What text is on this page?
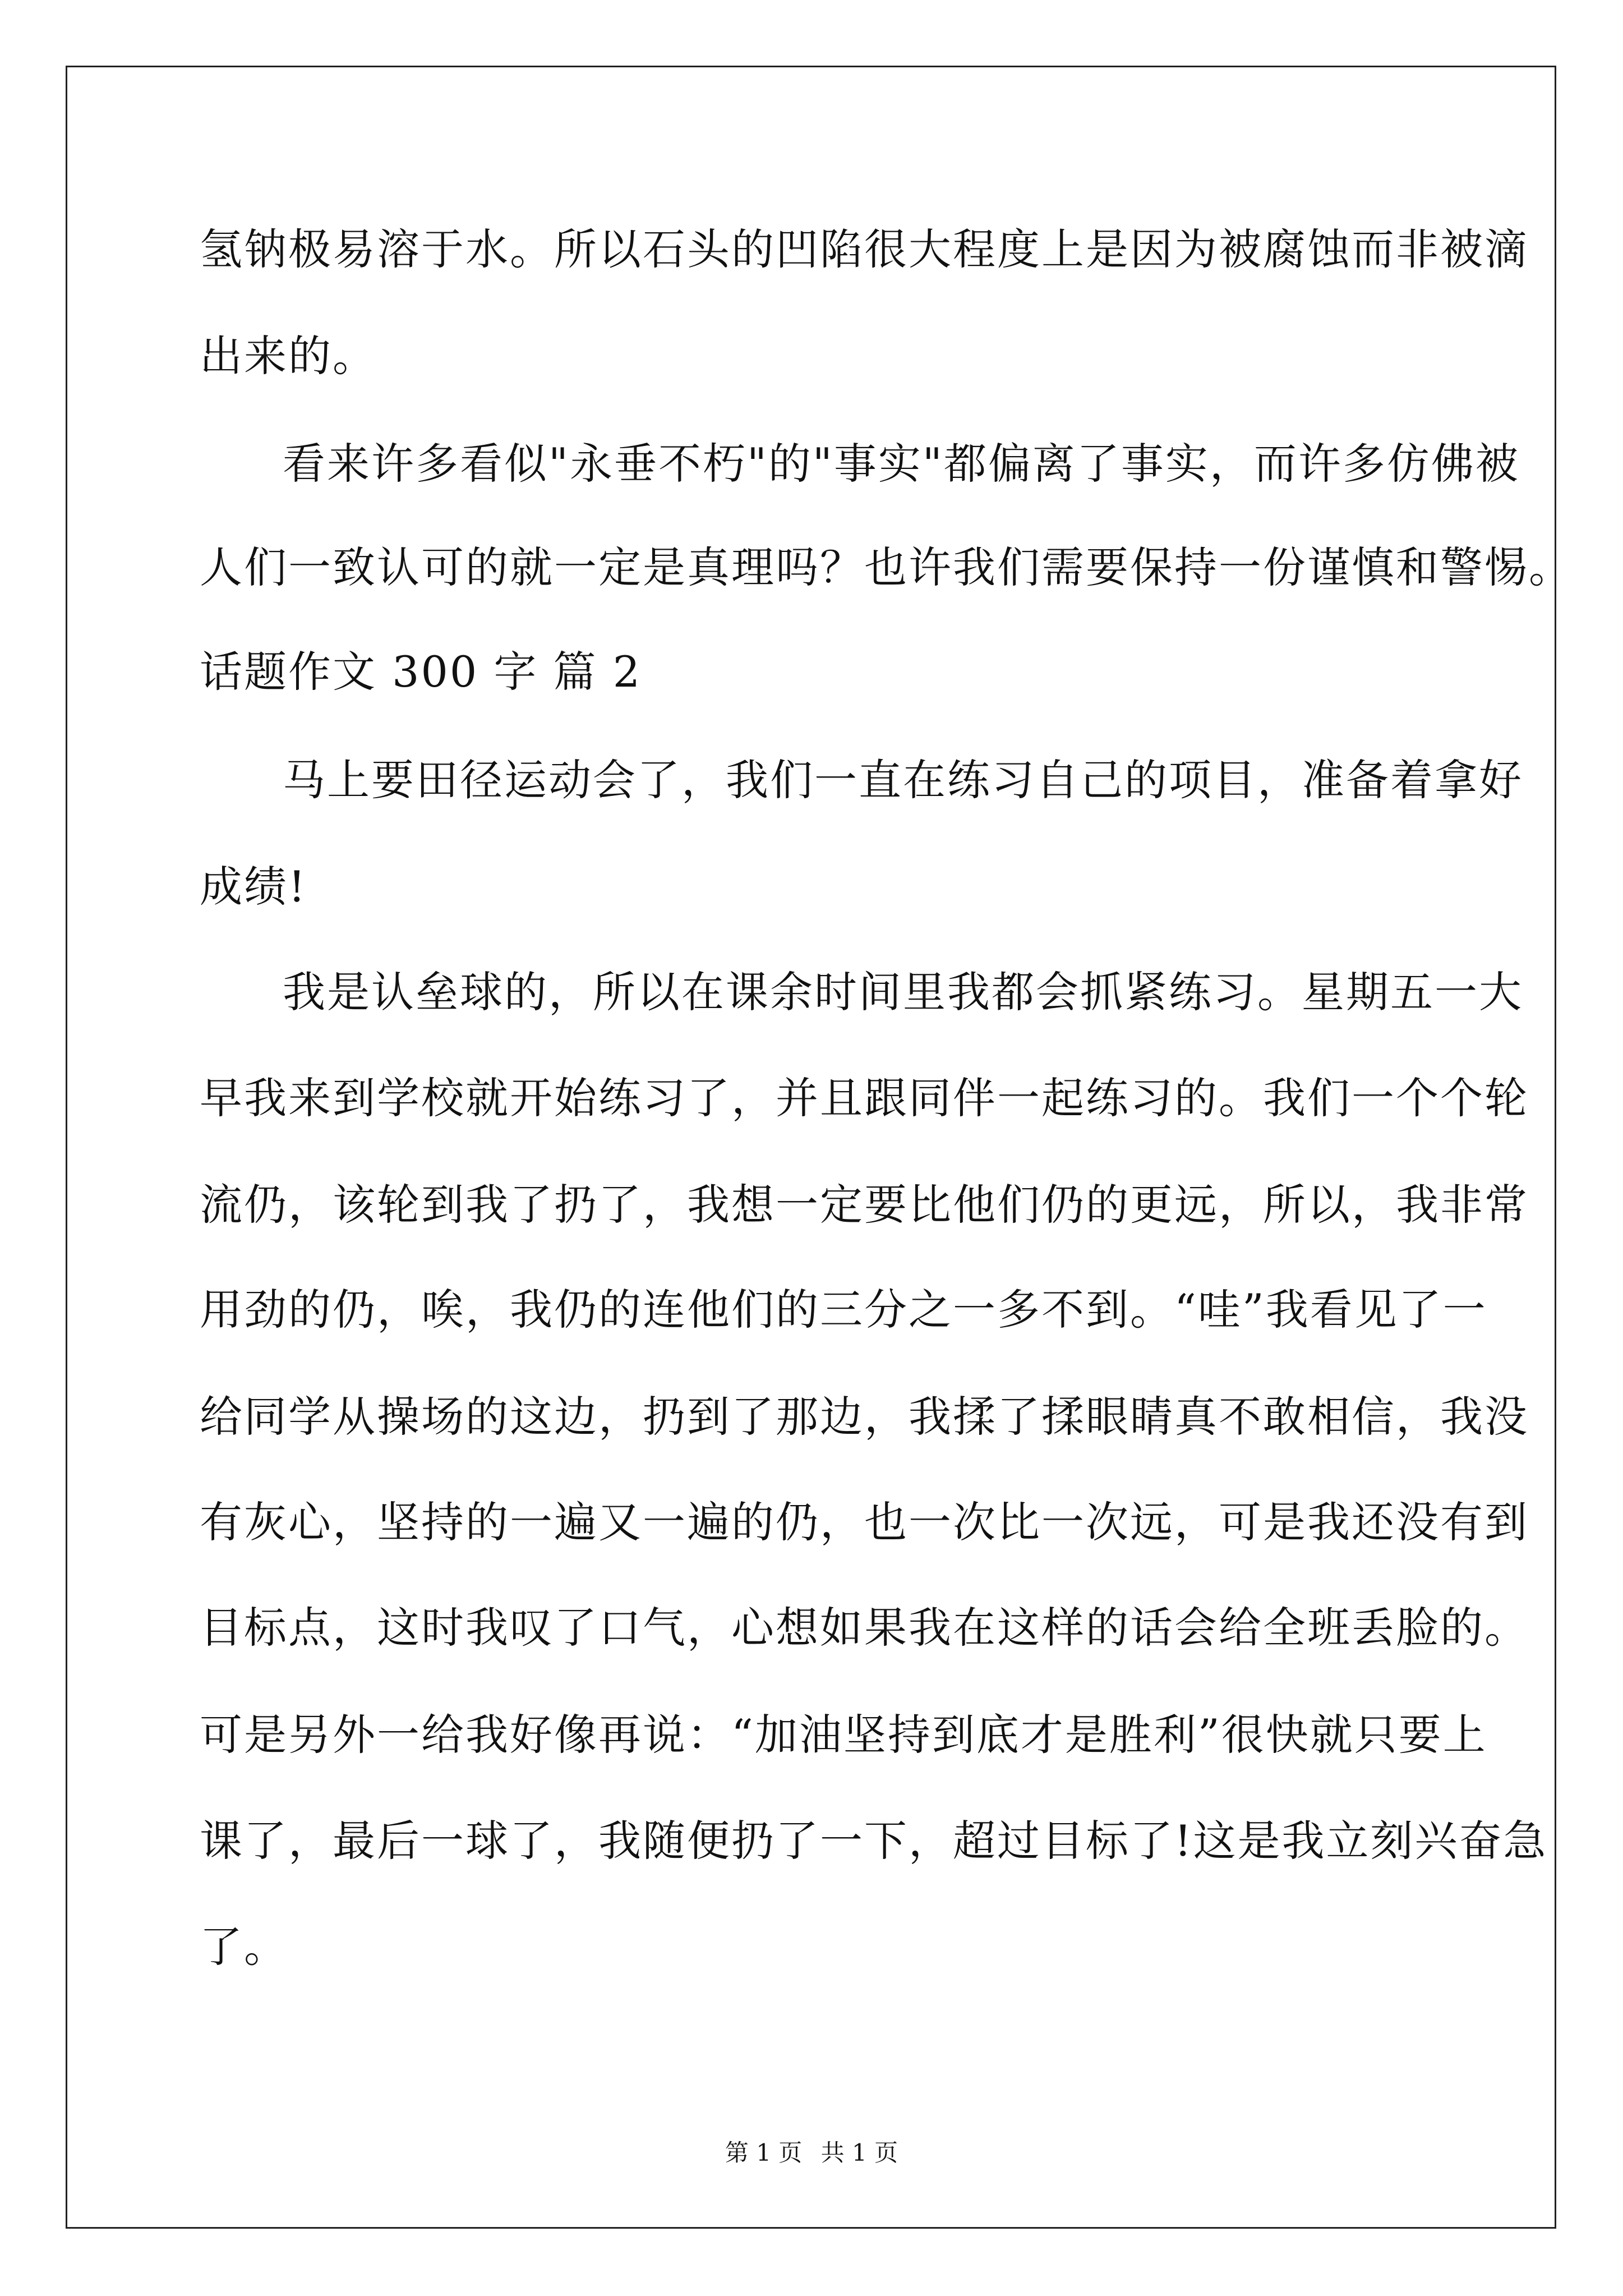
氢钠极易溶于水。所以石头的凹陷很大程度上是因为被腐蚀而非被滴
出来的。
看来许多看似"永垂不朽"的"事实"都偏离了事实，而许多仿佛被
人们一致认可的就一定是真理吗？也许我们需要保持一份谨慎和警惕。
话题作文 300 字 篇 2
马上要田径运动会了，我们一直在练习自己的项目，准备着拿好
成绩!
我是认垒球的，所以在课余时间里我都会抓紧练习。星期五一大
早我来到学校就开始练习了，并且跟同伴一起练习的。我们一个个轮
流仍，该轮到我了扔了，我想一定要比他们仍的更远，所以，我非常
用劲的仍，唉，我仍的连他们的三分之一多不到。“哇”我看见了一
给同学从操场的这边，扔到了那边，我揉了揉眼睛真不敢相信，我没
有灰心，坚持的一遍又一遍的仍，也一次比一次远，可是我还没有到
目标点，这时我叹了口气，心想如果我在这样的话会给全班丢脸的。
可是另外一给我好像再说：“加油坚持到底才是胜利”很快就只要上
课了，最后一球了，我随便扔了一下，超过目标了!这是我立刻兴奋急
了。
第 1 页 共 1 页
